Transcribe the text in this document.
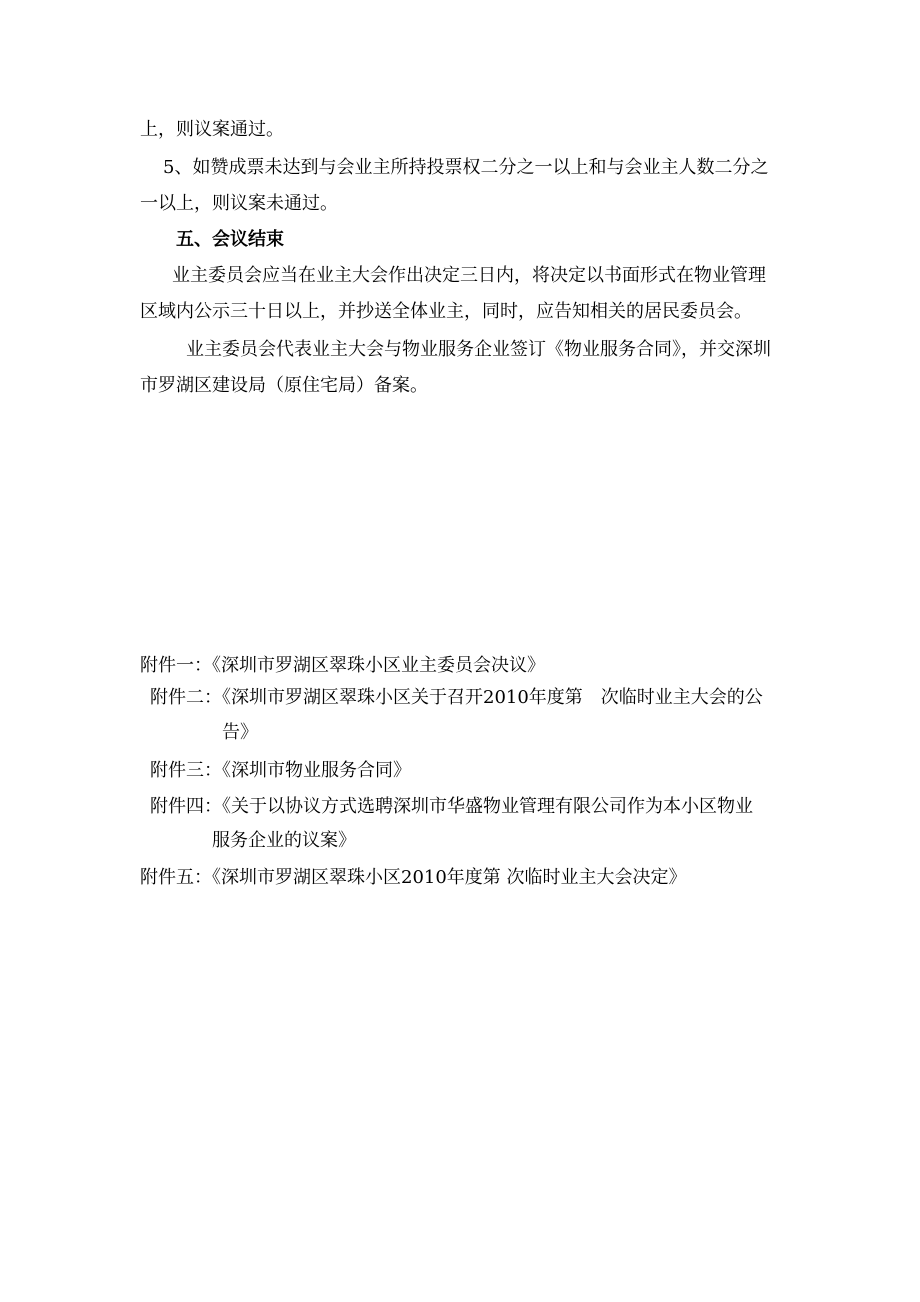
上，则议案通过。
5、如赞成票未达到与会业主所持投票权二分之一以上和与会业主人数二分之
一以上，则议案未通过。
五、会议结束
业主委员会应当在业主大会作出决定三日内，将决定以书面形式在物业管理
区域内公示三十日以上，并抄送全体业主，同时，应告知相关的居民委员会。
业主委员会代表业主大会与物业服务企业签订《物业服务合同》，并交深圳
市罗湖区建设局（原住宅局）备案。
附件一：《深圳市罗湖区翠珠小区业主委员会决议》
附件二：《深圳市罗湖区翠珠小区关于召开2010年度第　次临时业主大会的公
告》
附件三：《深圳市物业服务合同》
附件四：《关于以协议方式选聘深圳市华盛物业管理有限公司作为本小区物业
服务企业的议案》
附件五：《深圳市罗湖区翠珠小区2010年度第 次临时业主大会决定》
